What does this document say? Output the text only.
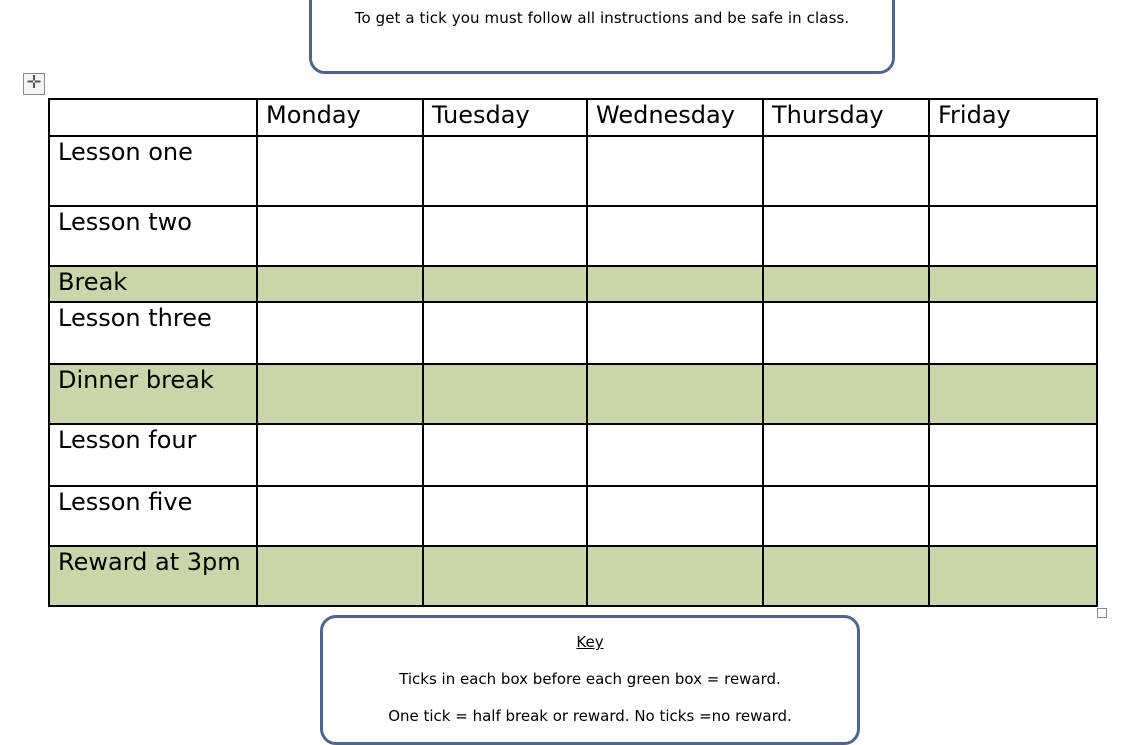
To get a tick you must follow all instructions and be safe in class.
✛
	Monday	Tuesday	Wednesday	Thursday	Friday
Lesson one					
Lesson two					
Break					
Lesson three					
Dinner break					
Lesson four					
Lesson five					
Reward at 3pm					
Key
Ticks in each box before each green box = reward.
One tick = half break or reward. No ticks =no reward.
